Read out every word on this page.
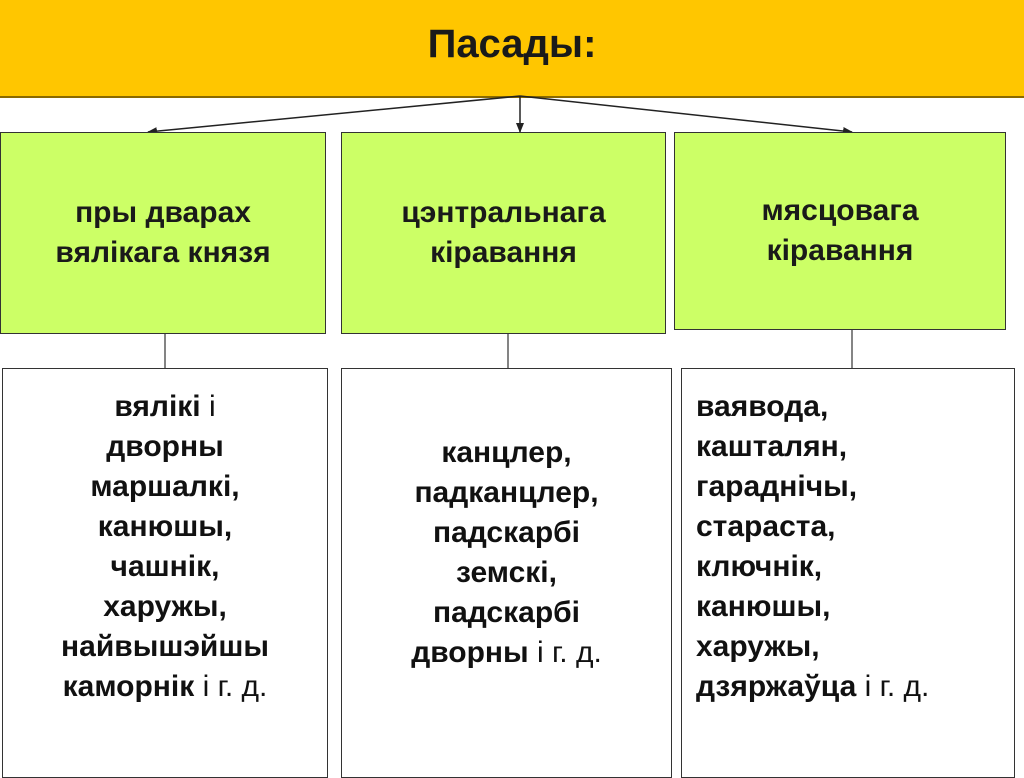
Пасады:
пры дварах
вялікага князя
цэнтральнага
кіравання
мясцовага
кіравання
вялікі і
дворны
маршалкі,
канюшы,
чашнік,
харужы,
найвышэйшы
каморнік і г. д.
канцлер,
падканцлер,
падскарбі
земскі,
падскарбі
дворны і г. д.
ваявода,
кашталян,
гараднічы,
стараста,
ключнік,
канюшы,
харужы,
дзяржаўца і г. д.
